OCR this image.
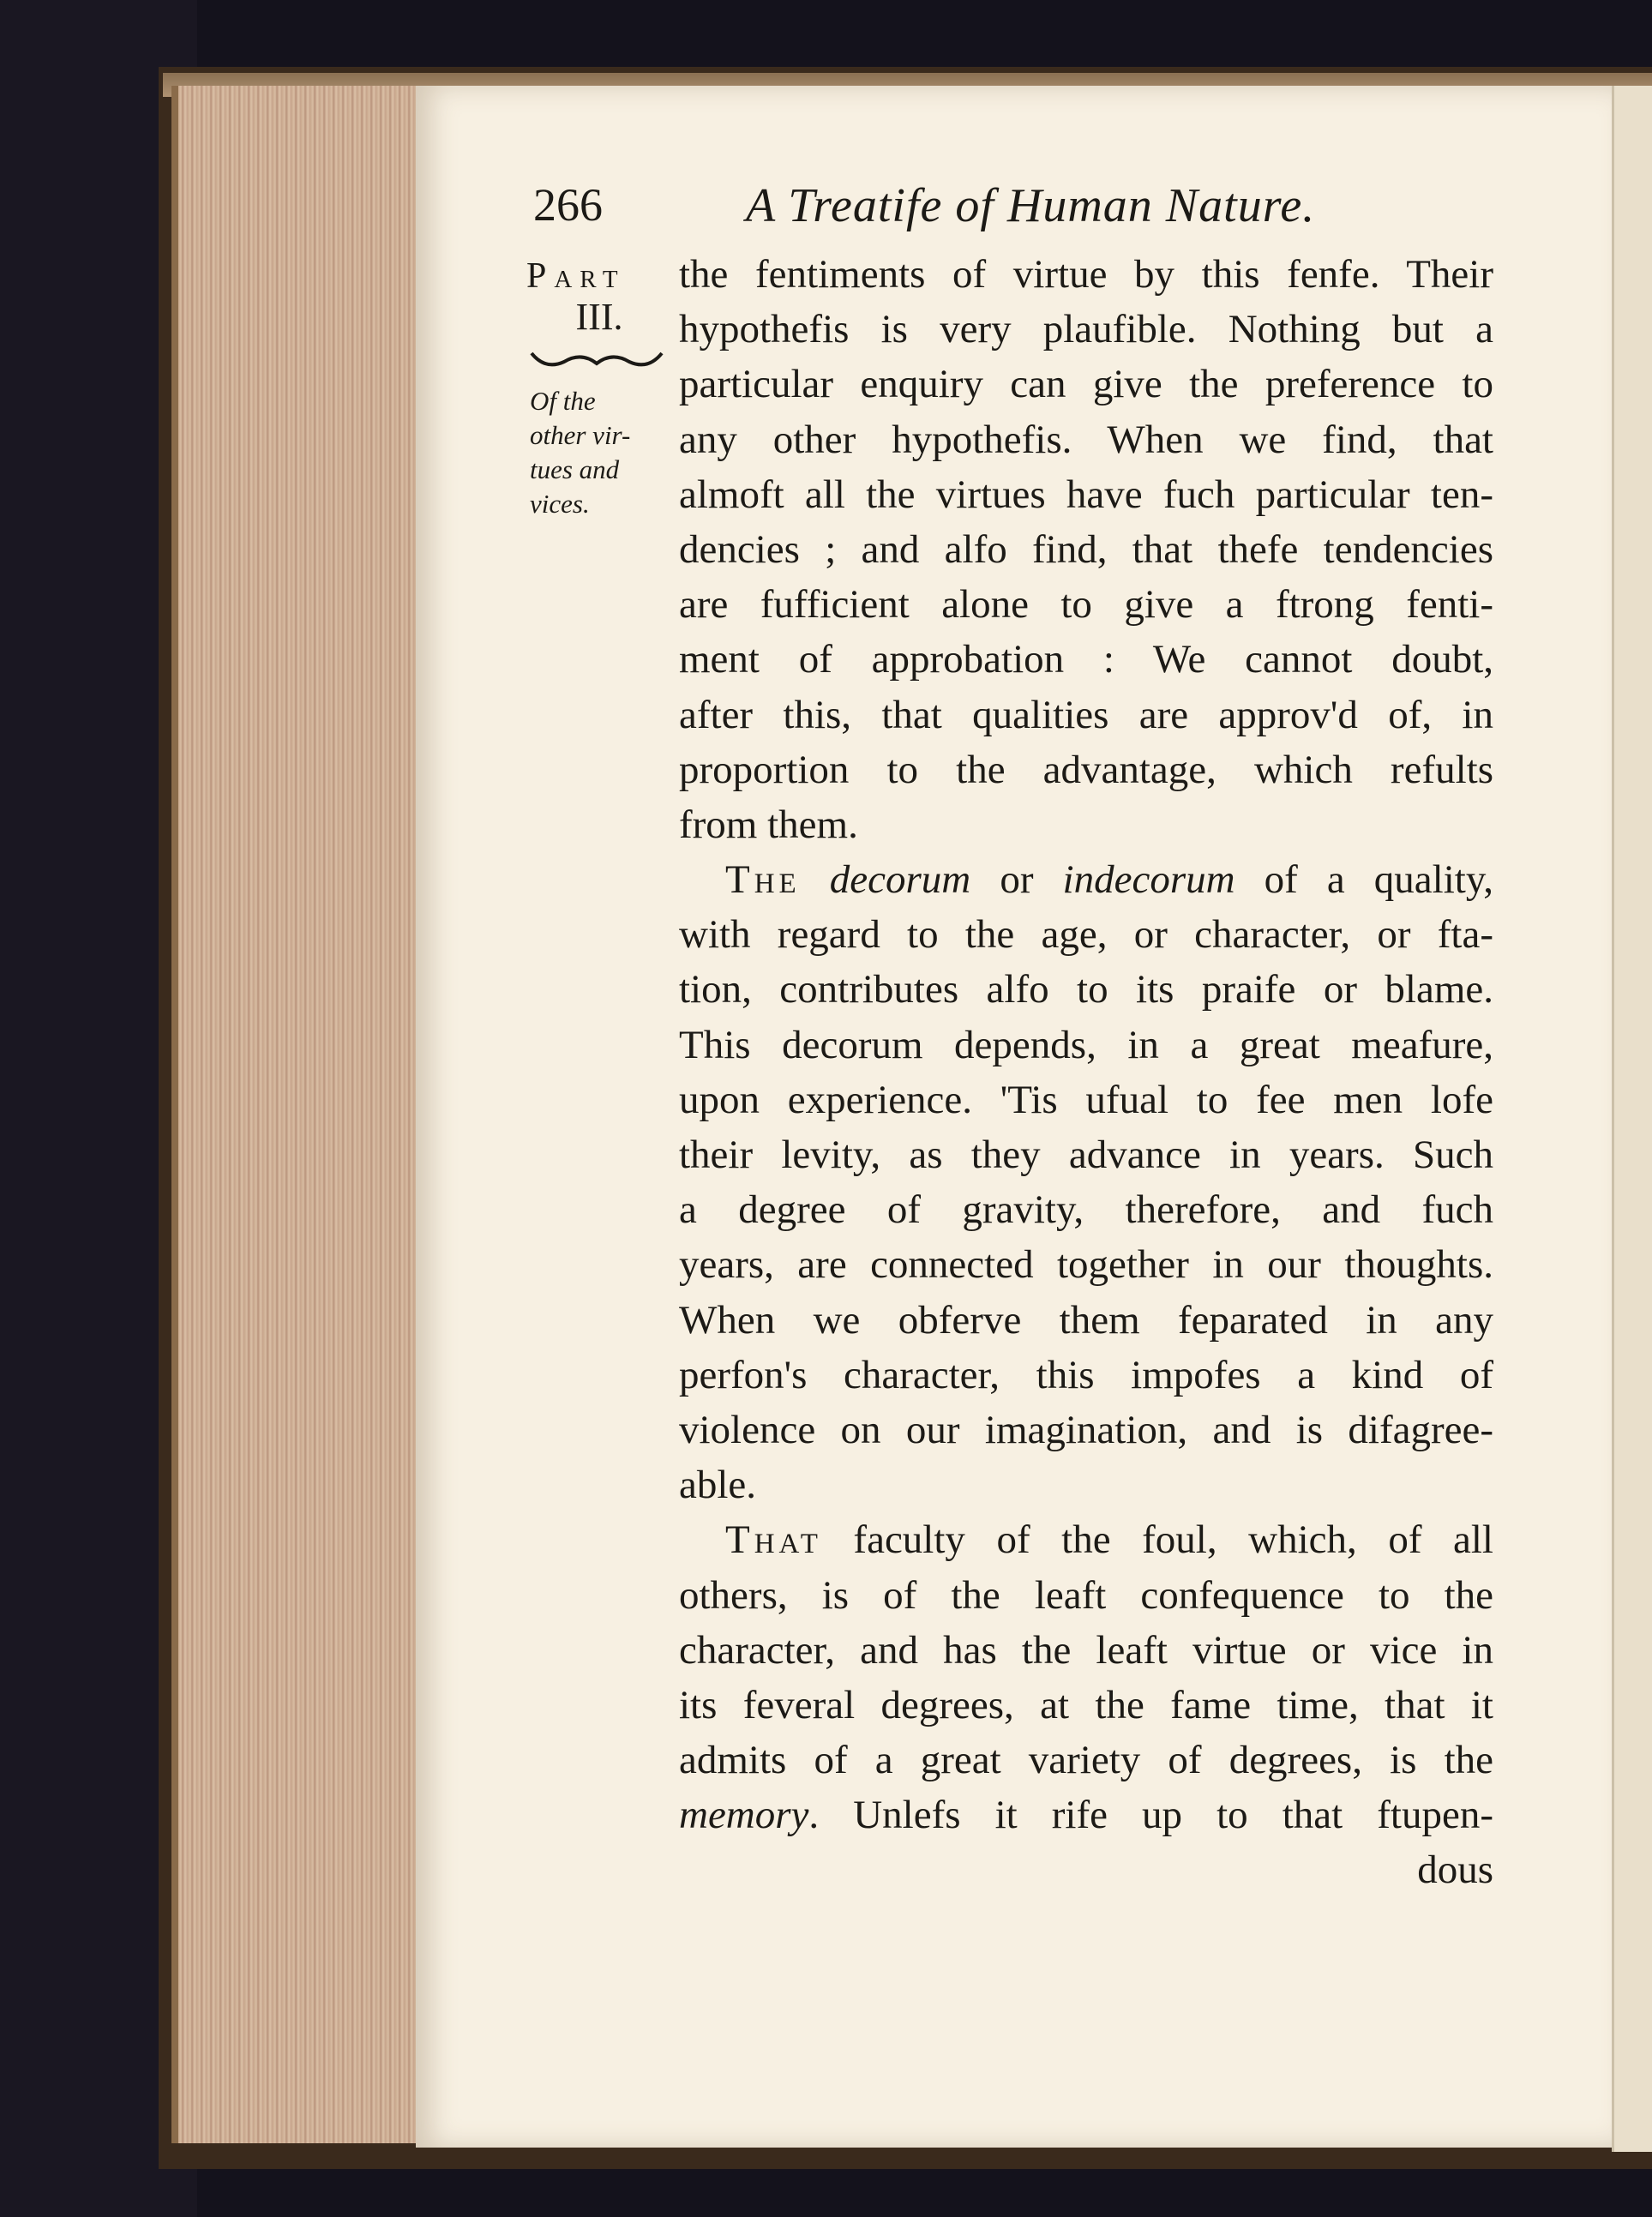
266	A Treatife of Human Nature.
Part
III.
Of the
other vir-
tues and
vices.
the fentiments of virtue by this fenfe. Their
hypothefis is very plaufible. Nothing but a
particular enquiry can give the preference to
any other hypothefis. When we find, that
almoft all the virtues have fuch particular ten-
dencies ; and alfo find, that thefe tendencies
are fufficient alone to give a ftrong fenti-
ment of approbation : We cannot doubt,
after this, that qualities are approv'd of, in
proportion to the advantage, which refults
from them.
The decorum or indecorum of a quality,
with regard to the age, or character, or fta-
tion, contributes alfo to its praife or blame.
This decorum depends, in a great meafure,
upon experience. 'Tis ufual to fee men lofe
their levity, as they advance in years. Such
a degree of gravity, therefore, and fuch
years, are connected together in our thoughts.
When we obferve them feparated in any
perfon's character, this impofes a kind of
violence on our imagination, and is difagree-
able.
That faculty of the foul, which, of all
others, is of the leaft confequence to the
character, and has the leaft virtue or vice in
its feveral degrees, at the fame time, that it
admits of a great variety of degrees, is the
memory. Unlefs it rife up to that ftupen-
dous
